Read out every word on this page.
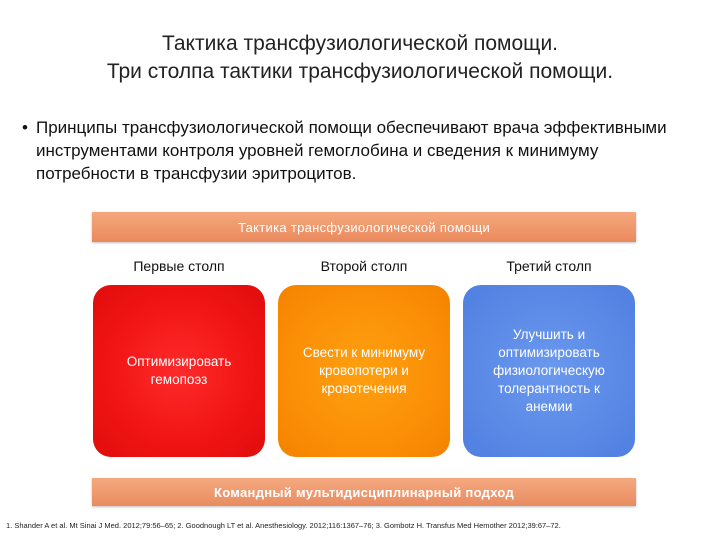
Тактика трансфузиологической помощи.
Три столпа тактики трансфузиологической помощи.
• Принципы трансфузиологической помощи обеспечивают врача эффективными инструментами контроля уровней гемоглобина и сведения к минимуму потребности в трансфузии эритроцитов.
Тактика трансфузиологической помощи
Первые столп	Второй столп	Третий столп
Оптимизировать гемопоэз
Свести к минимуму кровопотери и кровотечения
Улучшить и оптимизировать физиологическую толерантность к анемии
Командный мультидисциплинарный подход
1. Shander A et al. Mt Sinai J Med. 2012;79:56–65; 2. Goodnough LT et al. Anesthesiology. 2012;116:1367–76; 3. Gombotz H. Transfus Med Hemother 2012;39:67–72.
